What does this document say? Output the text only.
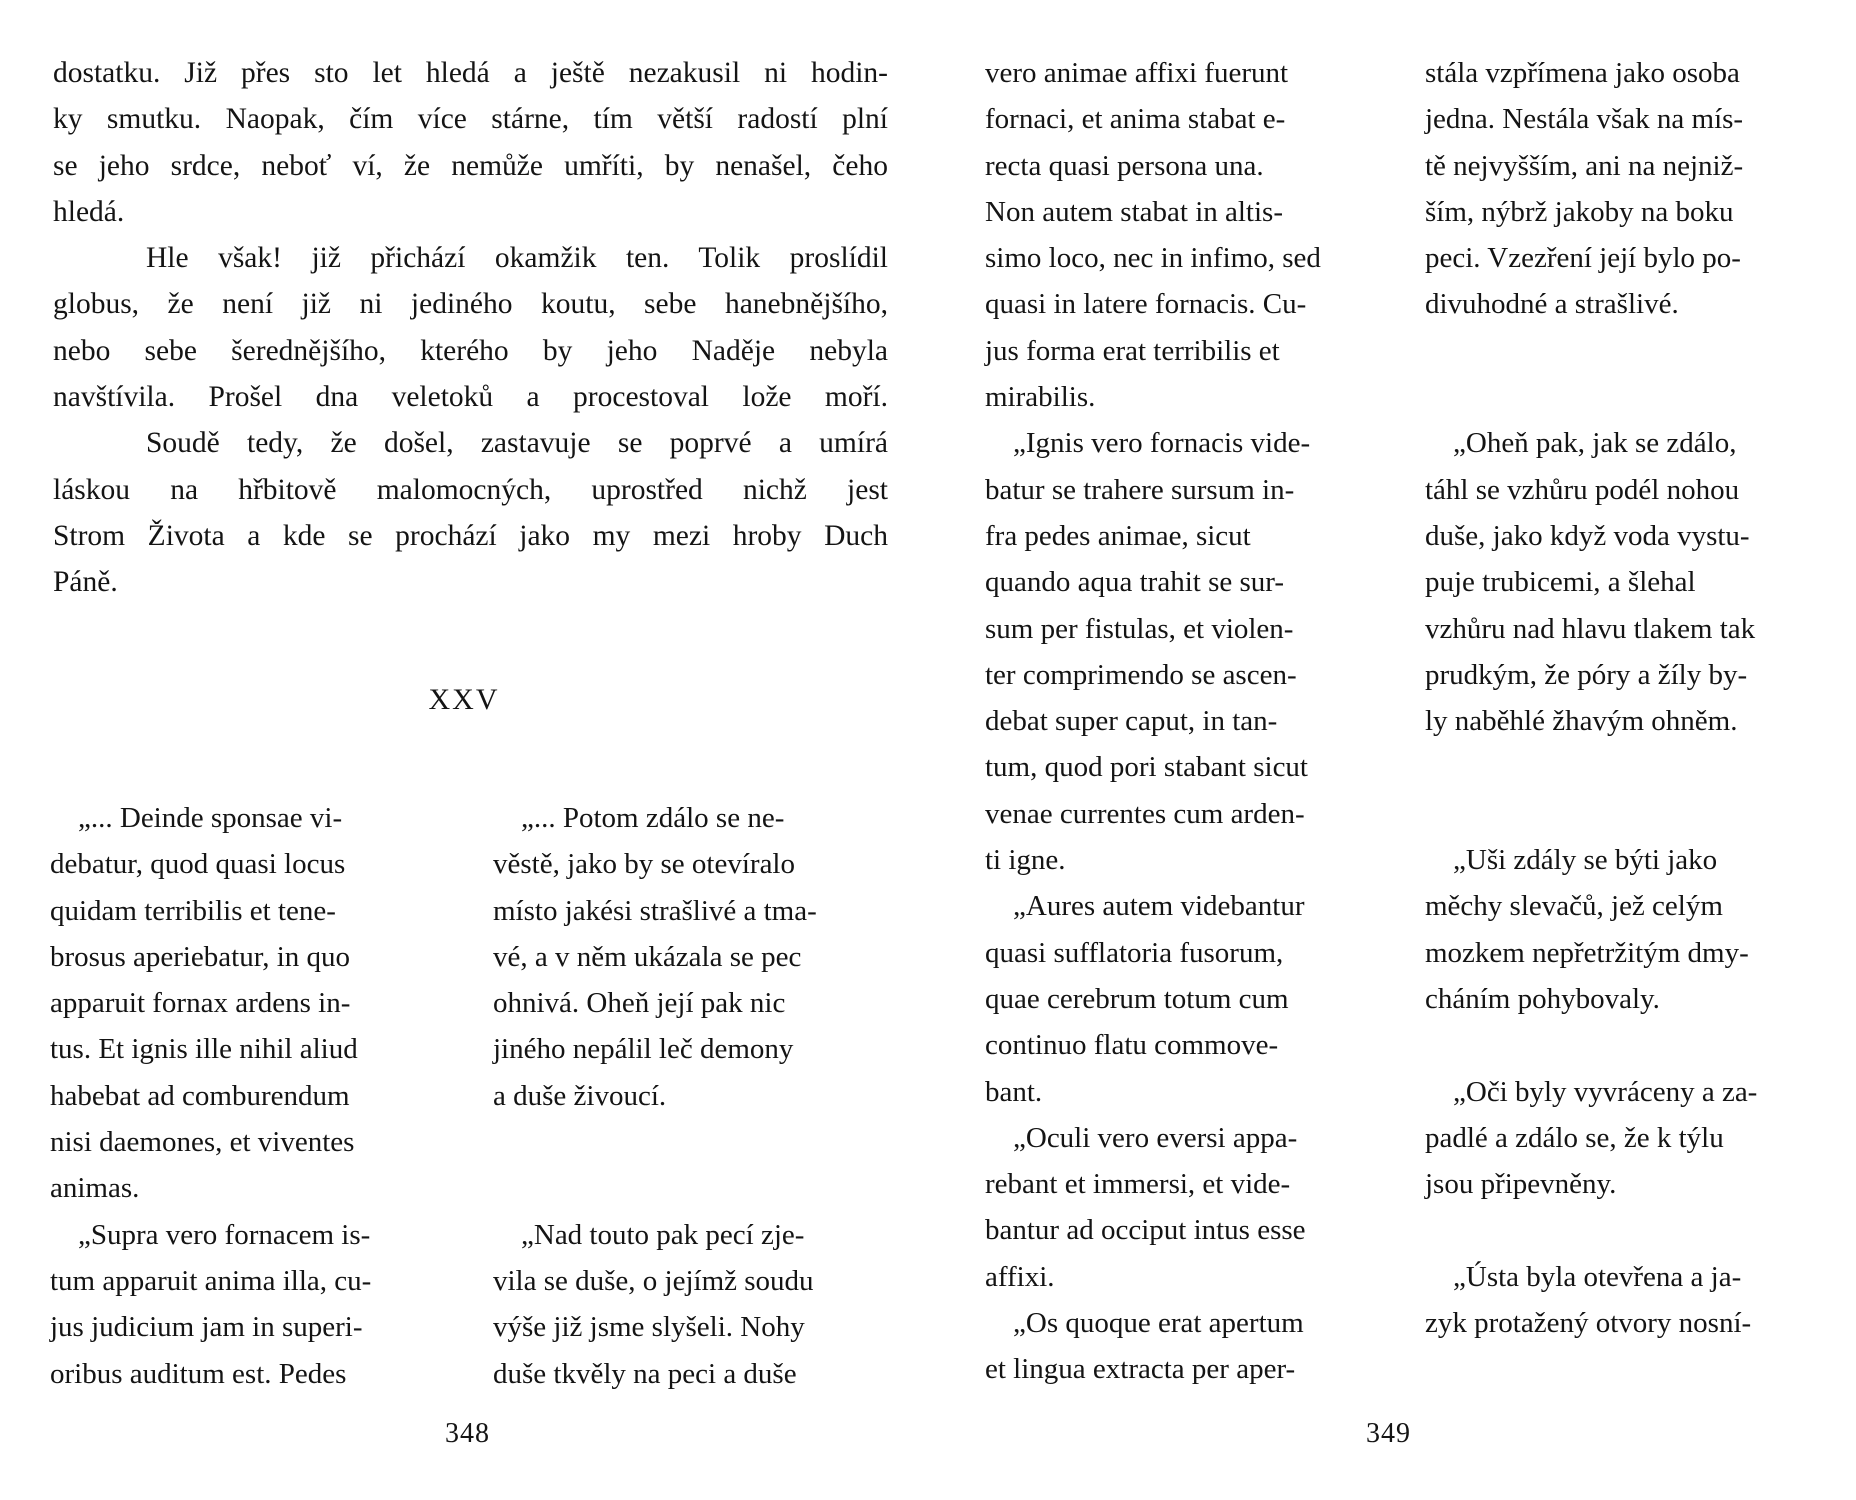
dostatku. Již přes sto let hledá a ještě nezakusil ni hodin-
ky smutku. Naopak, čím více stárne, tím větší radostí plní
se jeho srdce, neboť ví, že nemůže umříti, by nenašel, čeho
hledá.
Hle však! již přichází okamžik ten. Tolik proslídil
globus, že není již ni jediného koutu, sebe hanebnějšího,
nebo sebe šerednějšího, kterého by jeho Naděje nebyla
navštívila. Prošel dna veletoků a procestoval lože moří.
Soudě tedy, že došel, zastavuje se poprvé a umírá
láskou na hřbitově malomocných, uprostřed nichž jest
Strom Života a kde se prochází jako my mezi hroby Duch
Páně.
XXV
„... Deinde sponsae vi-
debatur, quod quasi locus
quidam terribilis et tene-
brosus aperiebatur, in quo
apparuit fornax ardens in-
tus. Et ignis ille nihil aliud
habebat ad comburendum
nisi daemones, et viventes
animas.
„Supra vero fornacem is-
tum apparuit anima illa, cu-
jus judicium jam in superi-
oribus auditum est. Pedes
„... Potom zdálo se ne-
věstě, jako by se otevíralo
místo jakési strašlivé a tma-
vé, a v něm ukázala se pec
ohnivá. Oheň její pak nic
jiného nepálil leč demony
a duše živoucí.
„Nad touto pak pecí zje-
vila se duše, o jejímž soudu
výše již jsme slyšeli. Nohy
duše tkvěly na peci a duše
348
vero animae affixi fuerunt
fornaci, et anima stabat e-
recta quasi persona una.
Non autem stabat in altis-
simo loco, nec in infimo, sed
quasi in latere fornacis. Cu-
jus forma erat terribilis et
mirabilis.
„Ignis vero fornacis vide-
batur se trahere sursum in-
fra pedes animae, sicut
quando aqua trahit se sur-
sum per fistulas, et violen-
ter comprimendo se ascen-
debat super caput, in tan-
tum, quod pori stabant sicut
venae currentes cum arden-
ti igne.
„Aures autem videbantur
quasi sufflatoria fusorum,
quae cerebrum totum cum
continuo flatu commove-
bant.
„Oculi vero eversi appa-
rebant et immersi, et vide-
bantur ad occiput intus esse
affixi.
„Os quoque erat apertum
et lingua extracta per aper-
stála vzpřímena jako osoba
jedna. Nestála však na mís-
tě nejvyšším, ani na nejniž-
ším, nýbrž jakoby na boku
peci. Vzezření její bylo po-
divuhodné a strašlivé.
„Oheň pak, jak se zdálo,
táhl se vzhůru podél nohou
duše, jako když voda vystu-
puje trubicemi, a šlehal
vzhůru nad hlavu tlakem tak
prudkým, že póry a žíly by-
ly naběhlé žhavým ohněm.
„Uši zdály se býti jako
měchy slevačů, jež celým
mozkem nepřetržitým dmy-
cháním pohybovaly.
„Oči byly vyvráceny a za-
padlé a zdálo se, že k týlu
jsou připevněny.
„Ústa byla otevřena a ja-
zyk protažený otvory nosní-
349
